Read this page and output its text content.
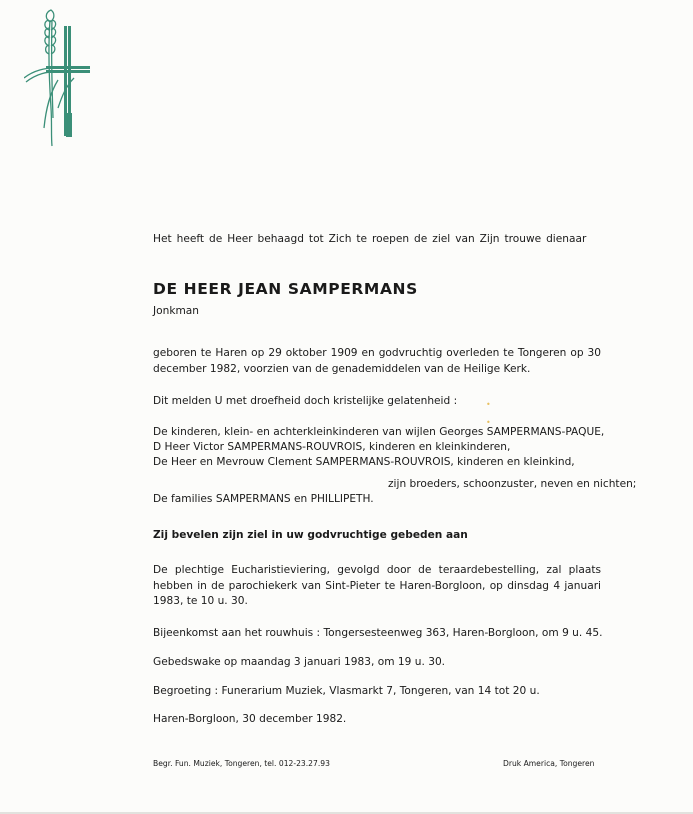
Het heeft de Heer behaagd tot Zich te roepen de ziel van Zijn trouwe dienaar

DE HEER JEAN SAMPERMANS

Jonkman

geboren te Haren op 29 oktober 1909 en godvruchtig overleden te Tongeren op 30 december 1982, voorzien van de genademiddelen van de Heilige Kerk.

Dit melden U met droefheid doch kristelijke gelatenheid :	•
•

De kinderen, klein- en achterkleinkinderen van wijlen Georges SAMPERMANS-PAQUE,

D Heer Victor SAMPERMANS-ROUVROIS, kinderen en kleinkinderen,

De Heer en Mevrouw Clement SAMPERMANS-ROUVROIS, kinderen en kleinkind,

zijn broeders, schoonzuster, neven en nichten;

De families SAMPERMANS en PHILLIPETH.

Zij bevelen zijn ziel in uw godvruchtige gebeden aan

De plechtige Eucharistieviering, gevolgd door de teraardebestelling, zal plaats hebben in de parochiekerk van Sint-Pieter te Haren-Borgloon, op dinsdag 4 januari 1983, te 10 u. 30.

Bijeenkomst aan het rouwhuis : Tongersesteenweg 363, Haren-Borgloon, om 9 u. 45.

Gebedswake op maandag 3 januari 1983, om 19 u. 30.

Begroeting : Funerarium Muziek, Vlasmarkt 7, Tongeren, van 14 tot 20 u.

Haren-Borgloon, 30 december 1982.

Begr. Fun. Muziek, Tongeren, tel. 012-23.27.93	Druk America, Tongeren
